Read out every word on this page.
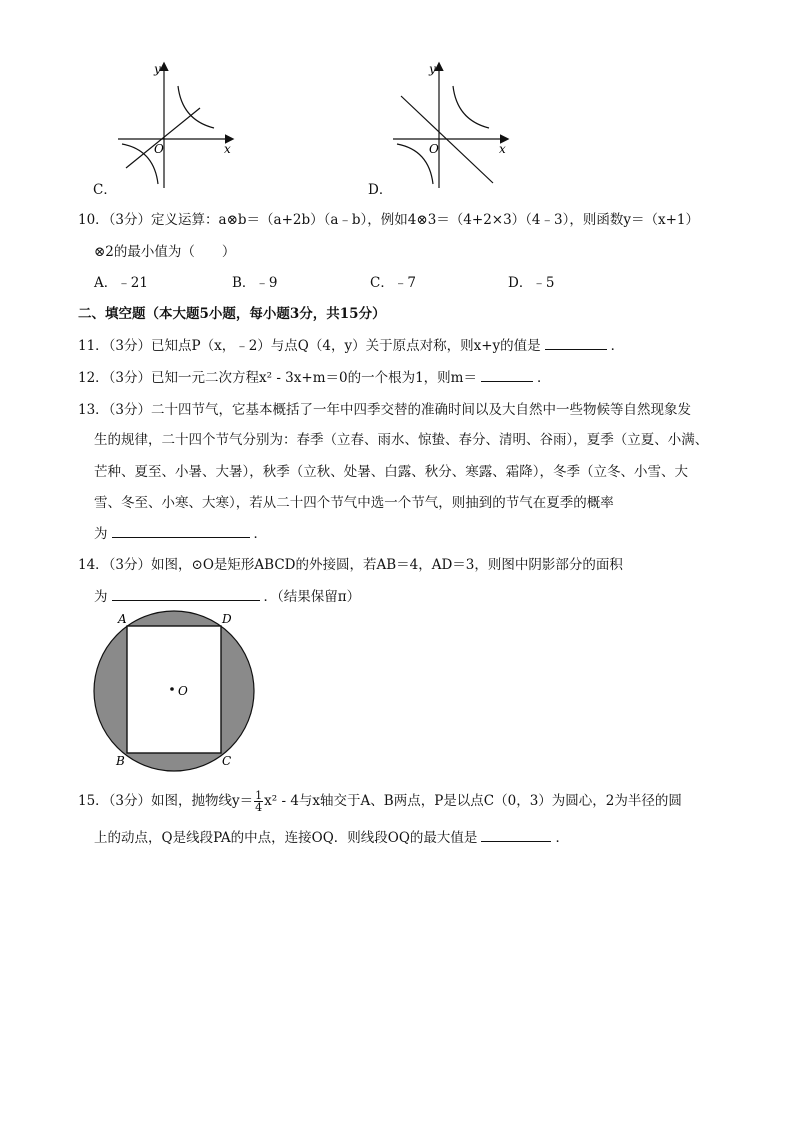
y
x
O
C．
y
x
O
D．
10．（3分）定义运算：a⊗b＝（a+2b）（a﹣b），例如4⊗3＝（4+2×3）（4﹣3），则函数y＝（x+1）
⊗2的最小值为（　　）
A．﹣21	B．﹣9	C．﹣7	D．﹣5
二、填空题（本大题5小题，每小题3分，共15分）
11．（3分）已知点P（x，﹣2）与点Q（4，y）关于原点对称，则x+y的值是	．
12．（3分）已知一元二次方程x² - 3x+m＝0的一个根为1，则m＝	．
13．（3分）二十四节气，它基本概括了一年中四季交替的准确时间以及大自然中一些物候等自然现象发
生的规律，二十四个节气分别为：春季（立春、雨水、惊蛰、春分、清明、谷雨），夏季（立夏、小满、
芒种、夏至、小暑、大暑），秋季（立秋、处暑、白露、秋分、寒露、霜降），冬季（立冬、小雪、大
雪、冬至、小寒、大寒），若从二十四个节气中选一个节气，则抽到的节气在夏季的概率
为	．
14．（3分）如图，⊙O是矩形ABCD的外接圆，若AB＝4，AD＝3，则图中阴影部分的面积
为	．（结果保留π）
A	D
B	C
O
15．（3分）如图，抛物线$y= \frac{1}{4} x^2 - 4$与x轴交于A、B两点，P是以点C（0，3）为圆心，2为半径的圆
上的动点，Q是线段PA的中点，连接OQ．则线段OQ的最大值是	．
